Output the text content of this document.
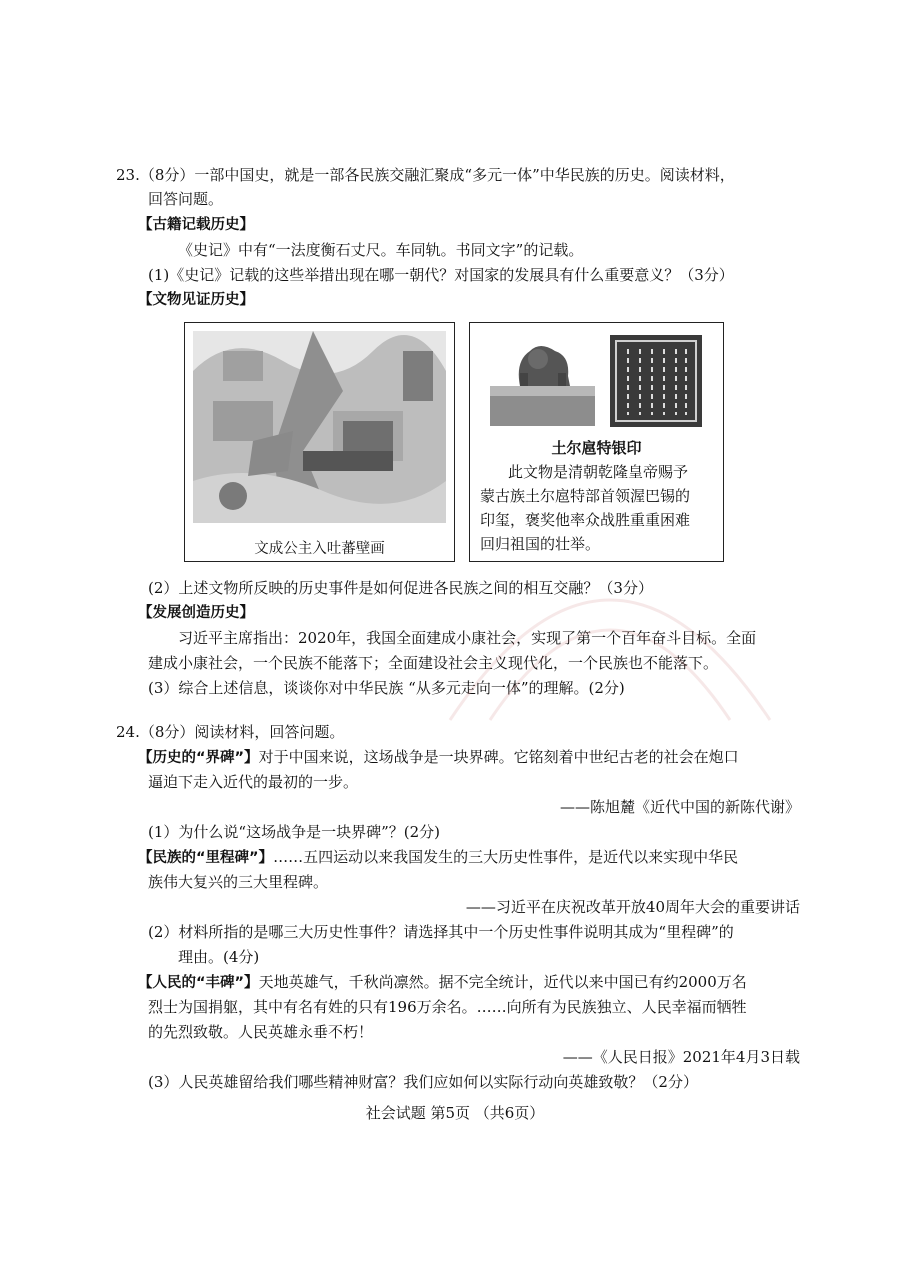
23.（8分）一部中国史，就是一部各民族交融汇聚成“多元一体”中华民族的历史。阅读材料，
回答问题。
【古籍记载历史】
《史记》中有“一法度衡石丈尺。车同轨。书同文字”的记载。
(1)《史记》记载的这些举措出现在哪一朝代？对国家的发展具有什么重要意义？（3分）
【文物见证历史】
文成公主入吐蕃壁画
土尔扈特银印
此文物是清朝乾隆皇帝赐予
蒙古族土尔扈特部首领渥巴锡的
印玺，褒奖他率众战胜重重困难
回归祖国的壮举。
(2）上述文物所反映的历史事件是如何促进各民族之间的相互交融？（3分）
【发展创造历史】
习近平主席指出：2020年，我国全面建成小康社会，实现了第一个百年奋斗目标。全面
建成小康社会，一个民族不能落下；全面建设社会主义现代化，一个民族也不能落下。
(3）综合上述信息，谈谈你对中华民族 “从多元走向一体”的理解。(2分)
24.（8分）阅读材料，回答问题。
【历史的“界碑”】对于中国来说，这场战争是一块界碑。它铭刻着中世纪古老的社会在炮口
逼迫下走入近代的最初的一步。
——陈旭麓《近代中国的新陈代谢》
(1）为什么说“这场战争是一块界碑”？(2分)
【民族的“里程碑”】……五四运动以来我国发生的三大历史性事件，是近代以来实现中华民
族伟大复兴的三大里程碑。
——习近平在庆祝改革开放40周年大会的重要讲话
(2）材料所指的是哪三大历史性事件？请选择其中一个历史性事件说明其成为“里程碑”的
理由。(4分)
【人民的“丰碑”】天地英雄气，千秋尚凛然。据不完全统计，近代以来中国已有约2000万名
烈士为国捐躯，其中有名有姓的只有196万余名。……向所有为民族独立、人民幸福而牺牲
的先烈致敬。人民英雄永垂不朽！
——《人民日报》2021年4月3日载
(3）人民英雄留给我们哪些精神财富？我们应如何以实际行动向英雄致敬？（2分）
社会试题 第5页 （共6页）
